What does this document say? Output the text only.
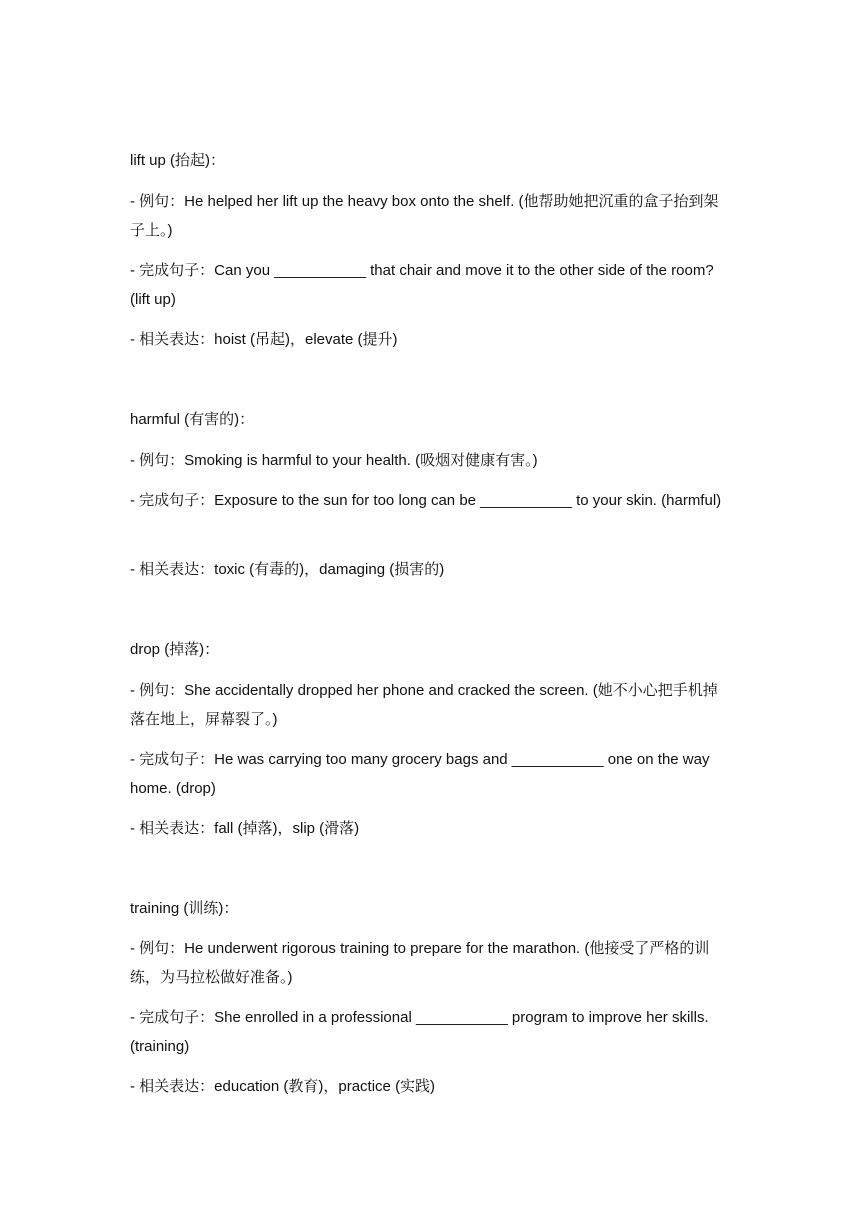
lift up (抬起)：
- 例句：He helped her lift up the heavy box onto the shelf. (他帮助她把沉重的盒子抬到架子上。)
- 完成句子：Can you ___________ that chair and move it to the other side of the room? (lift up)
- 相关表达：hoist (吊起)，elevate (提升)
harmful (有害的)：
- 例句：Smoking is harmful to your health. (吸烟对健康有害。)
- 完成句子：Exposure to the sun for too long can be ___________ to your skin. (harmful)
- 相关表达：toxic (有毒的)，damaging (损害的)
drop (掉落)：
- 例句：She accidentally dropped her phone and cracked the screen. (她不小心把手机掉落在地上，屏幕裂了。)
- 完成句子：He was carrying too many grocery bags and ___________ one on the way home. (drop)
- 相关表达：fall (掉落)，slip (滑落)
training (训练)：
- 例句：He underwent rigorous training to prepare for the marathon. (他接受了严格的训练，为马拉松做好准备。)
- 完成句子：She enrolled in a professional ___________ program to improve her skills. (training)
- 相关表达：education (教育)，practice (实践)
